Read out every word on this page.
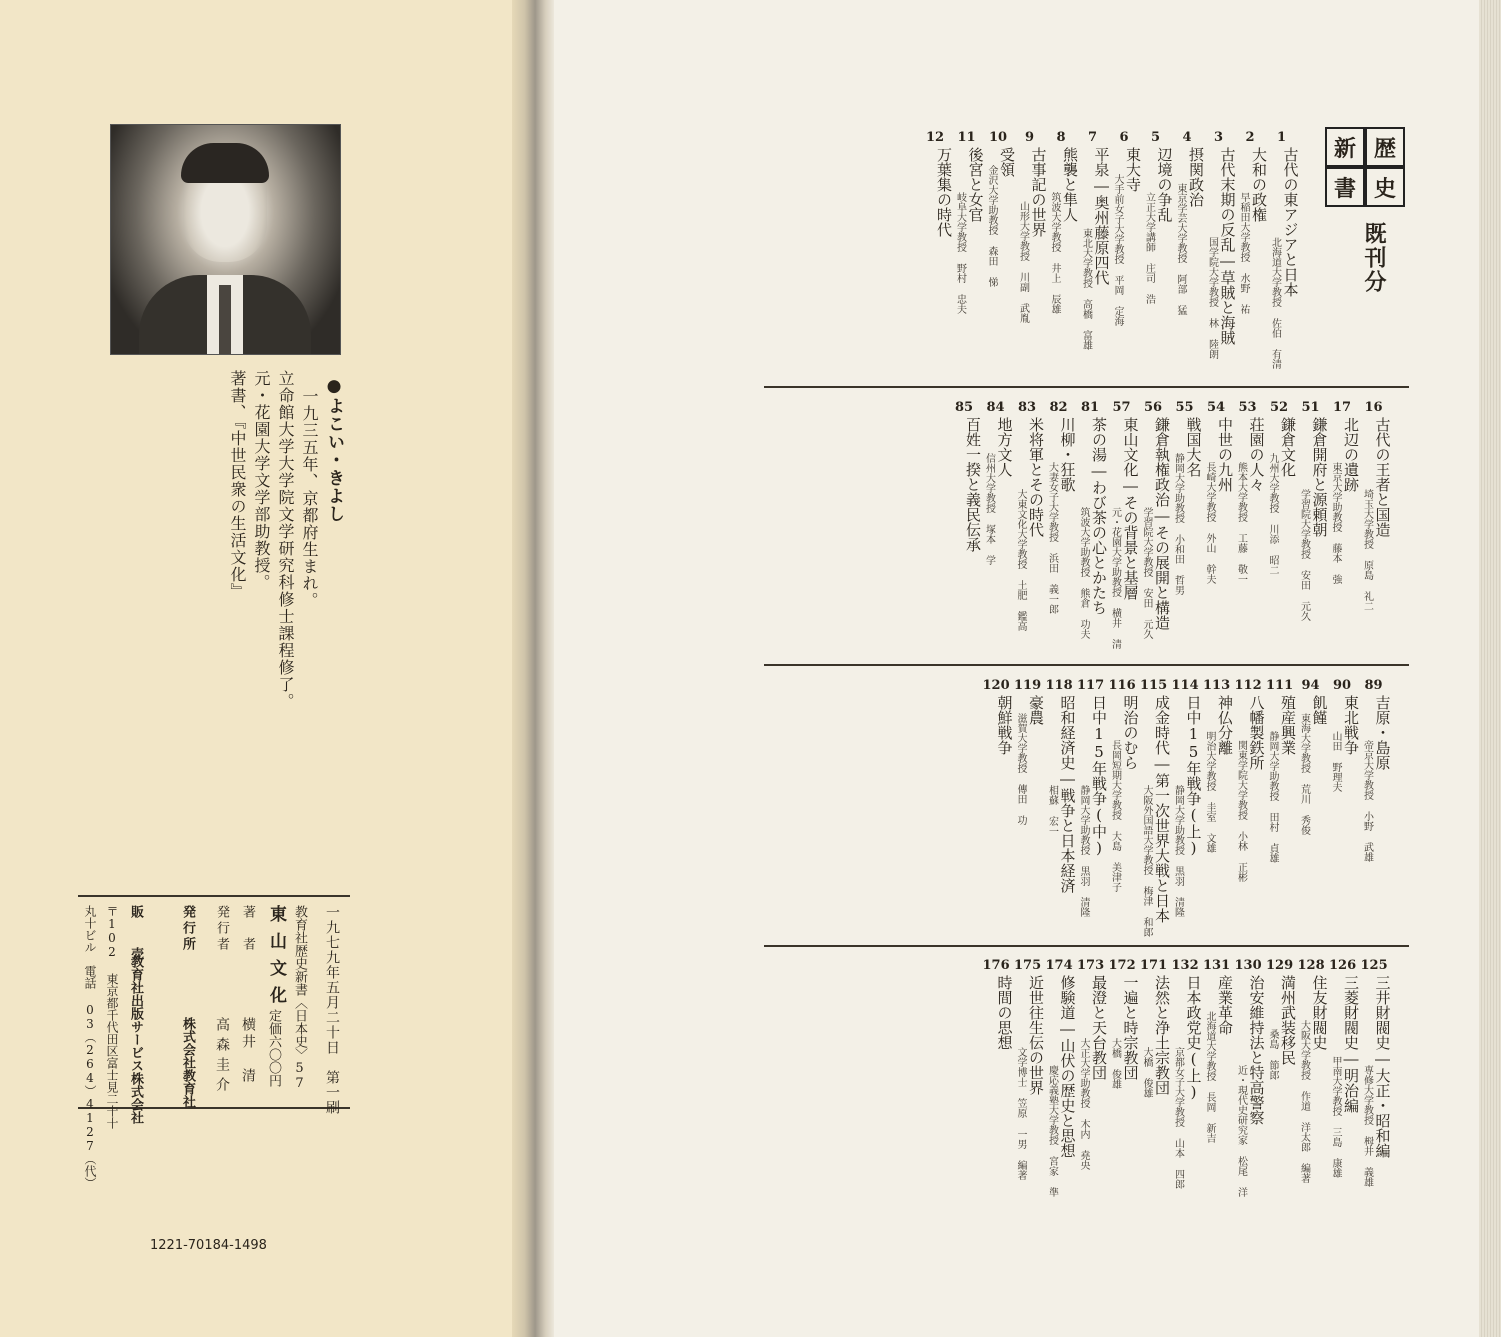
●よこい・きよし
一九三五年、京都府生まれ。
立命館大学大学院文学研究科修士課程修了。
元・花園大学文学部助教授。
著書、『中世民衆の生活文化』
一九七九年五月二十日　第一刷
教育社歴史新書〈日本史〉57
東山文化
定価六〇〇円
著　者
横井　清
発行者
高森圭介
発行所
株式会社教育社
販　売
教育社出版サービス株式会社
〒102 東京都千代田区富士見二十十
丸十ビル　電話 03（264）4127（代）
1221-70184-1498
歴
史
新
書
既刊分
1
古代の東アジアと日本
北海道大学教授 佐伯 有清
2
大和の政権
早稲田大学教授 水野 祐
3
古代末期の反乱―草賊と海賊
国学院大学教授 林 陸朗
4
摂関政治
東京学芸大学教授 阿部 猛
5
辺境の争乱
立正大学講師 庄司 浩
6
東大寺
大手前女子大学教授 平岡 定海
7
平泉―奥州藤原四代
東北大学教授 高橋 富雄
8
熊襲と隼人
筑波大学教授 井上 辰雄
9
古事記の世界
山形大学教授 川副 武胤
10
受領
金沢大学助教授 森田 悌
11
後宮と女官
岐阜大学教授 野村 忠夫
12
万葉集の時代
16
古代の王者と国造
埼玉大学教授 原島 礼二
17
北辺の遺跡
東京大学助教授 藤本 強
51
鎌倉開府と源頼朝
学習院大学教授 安田 元久
52
鎌倉文化
九州大学教授 川添 昭二
53
荘園の人々
熊本大学教授 工藤 敬一
54
中世の九州
長崎大学教授 外山 幹夫
55
戦国大名
静岡大学助教授 小和田 哲男
56
鎌倉執権政治―その展開と構造
学習院大学教授 安田 元久
57
東山文化―その背景と基層
元・花園大学助教授 横井 清
81
茶の湯―わび茶の心とかたち
筑波大学助教授 熊倉 功夫
82
川柳・狂歌
大妻女子大学教授 浜田 義一郎
83
米将軍とその時代
大東文化大学教授 土肥 鑑高
84
地方文人
信州大学教授 塚本 学
85
百姓一揆と義民伝承
89
吉原・島原
帝京大学教授 小野 武雄
90
東北戦争
山田 野理夫
94
飢饉
東海大学教授 荒川 秀俊
111
殖産興業
静岡大学助教授 田村 貞雄
112
八幡製鉄所
関東学院大学教授 小林 正彬
113
神仏分離
明治大学教授 圭室 文雄
114
日中15年戦争(上)
静岡大学助教授 黒羽 清隆
115
成金時代―第一次世界大戦と日本
大阪外国語大学教授 梅津 和郎
116
明治のむら
長岡短期大学教授 大島 美津子
117
日中15年戦争(中)
静岡大学助教授 黒羽 清隆
118
昭和経済史―戦争と日本経済
相蘇 宏一
119
豪農
滋賀大学教授 傳田 功
120
朝鮮戦争
125
三井財閥史―大正・昭和編
専修大学教授 栂井 義雄
126
三菱財閥史―明治編
甲南大学教授 三島 康雄
128
住友財閥史
大阪大学教授 作道 洋太郎 編著
129
満州武装移民
桑島 節郎
130
治安維持法と特高警察
近・現代史研究家 松尾 洋
131
産業革命
北海道大学教授 長岡 新吉
132
日本政党史(上)
京都女子大学教授 山本 四郎
171
法然と浄土宗教団
大橋 俊雄
172
一遍と時宗教団
大橋 俊雄
173
最澄と天台教団
大正大学助教授 木内 堯央
174
修験道―山伏の歴史と思想
慶応義塾大学教授 宮家 準
175
近世往生伝の世界
文学博士 笠原 一男 編著
176
時間の思想
